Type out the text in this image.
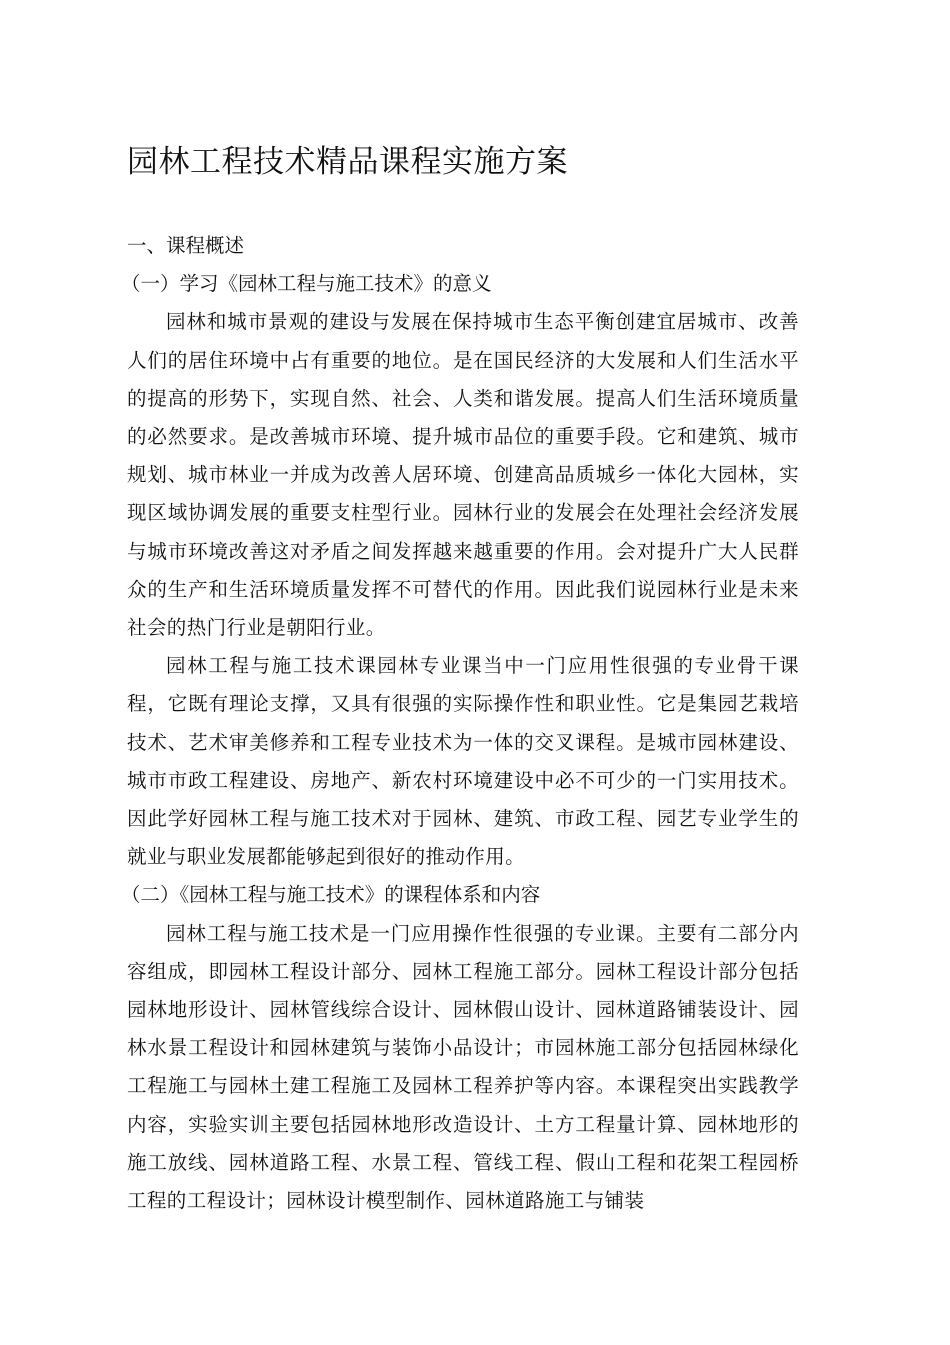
园林工程技术精品课程实施方案

一、课程概述

（一）学习《园林工程与施工技术》的意义

园林和城市景观的建设与发展在保持城市生态平衡创建宜居城市、改善人们的居住环境中占有重要的地位。是在国民经济的大发展和人们生活水平的提高的形势下，实现自然、社会、人类和谐发展。提高人们生活环境质量的必然要求。是改善城市环境、提升城市品位的重要手段。它和建筑、城市规划、城市林业一并成为改善人居环境、创建高品质城乡一体化大园林，实现区域协调发展的重要支柱型行业。园林行业的发展会在处理社会经济发展与城市环境改善这对矛盾之间发挥越来越重要的作用。会对提升广大人民群众的生产和生活环境质量发挥不可替代的作用。因此我们说园林行业是未来社会的热门行业是朝阳行业。

园林工程与施工技术课园林专业课当中一门应用性很强的专业骨干课程，它既有理论支撑，又具有很强的实际操作性和职业性。它是集园艺栽培技术、艺术审美修养和工程专业技术为一体的交叉课程。是城市园林建设、城市市政工程建设、房地产、新农村环境建设中必不可少的一门实用技术。因此学好园林工程与施工技术对于园林、建筑、市政工程、园艺专业学生的就业与职业发展都能够起到很好的推动作用。

（二）《园林工程与施工技术》的课程体系和内容

园林工程与施工技术是一门应用操作性很强的专业课。主要有二部分内容组成，即园林工程设计部分、园林工程施工部分。园林工程设计部分包括园林地形设计、园林管线综合设计、园林假山设计、园林道路铺装设计、园林水景工程设计和园林建筑与装饰小品设计；市园林施工部分包括园林绿化工程施工与园林土建工程施工及园林工程养护等内容。本课程突出实践教学内容，实验实训主要包括园林地形改造设计、土方工程量计算、园林地形的施工放线、园林道路工程、水景工程、管线工程、假山工程和花架工程园桥工程的工程设计；园林设计模型制作、园林道路施工与铺装
